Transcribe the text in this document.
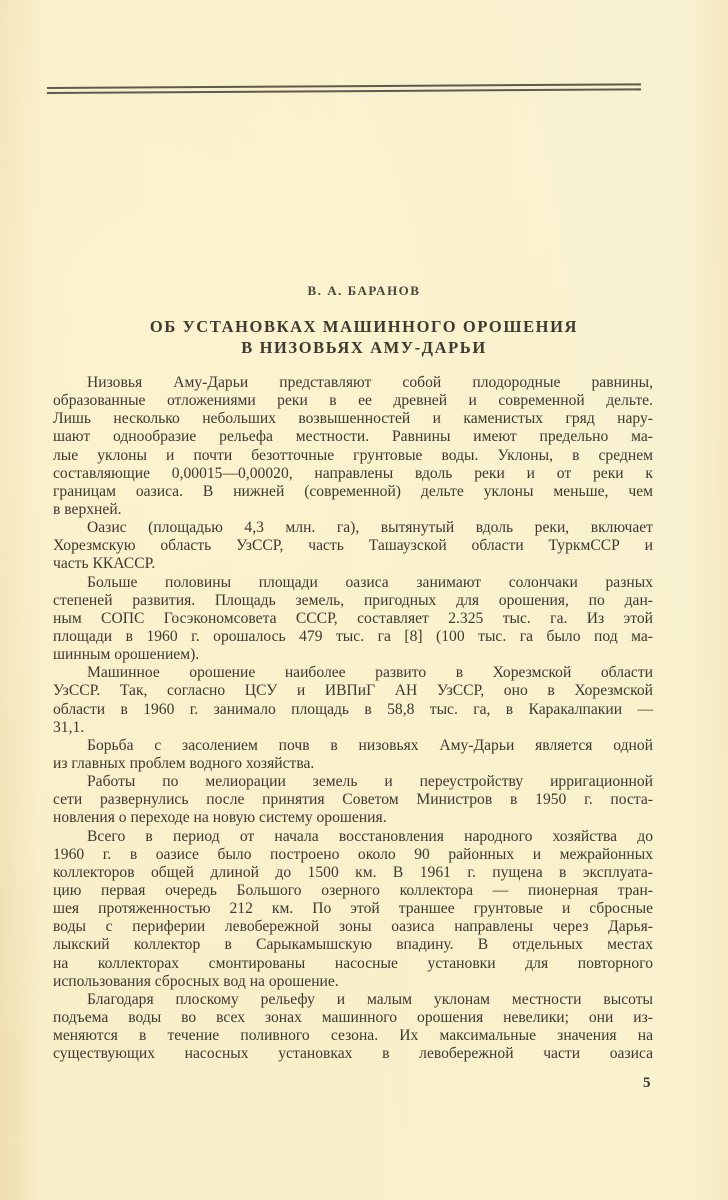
В. А. БАРАНОВ
ОБ УСТАНОВКАХ МАШИННОГО ОРОШЕНИЯ
В НИЗОВЬЯХ АМУ-ДАРЬИ
Низовья Аму-Дарьи представляют собой плодородные равнины,
образованные отложениями реки в ее древней и современной дельте.
Лишь несколько небольших возвышенностей и каменистых гряд нару-
шают однообразие рельефа местности. Равнины имеют предельно ма-
лые уклоны и почти безотточные грунтовые воды. Уклоны, в среднем
составляющие 0,00015—0,00020, направлены вдоль реки и от реки к
границам оазиса. В нижней (современной) дельте уклоны меньше, чем
в верхней.
Оазис (площадью 4,3 млн. га), вытянутый вдоль реки, включает
Хорезмскую область УзССР, часть Ташаузской области ТуркмССР и
часть ККАССР.
Больше половины площади оазиса занимают солончаки разных
степеней развития. Площадь земель, пригодных для орошения, по дан-
ным СОПС Госэкономсовета СССР, составляет 2.325 тыс. га. Из этой
площади в 1960 г. орошалось 479 тыс. га [8] (100 тыс. га было под ма-
шинным орошением).
Машинное орошение наиболее развито в Хорезмской области
УзССР. Так, согласно ЦСУ и ИВПиГ АН УзССР, оно в Хорезмской
области в 1960 г. занимало площадь в 58,8 тыс. га, в Каракалпакии —
31,1.
Борьба с засолением почв в низовьях Аму-Дарьи является одной
из главных проблем водного хозяйства.
Работы по мелиорации земель и переустройству ирригационной
сети развернулись после принятия Советом Министров в 1950 г. поста-
новления о переходе на новую систему орошения.
Всего в период от начала восстановления народного хозяйства до
1960 г. в оазисе было построено около 90 районных и межрайонных
коллекторов общей длиной до 1500 км. В 1961 г. пущена в эксплуата-
цию первая очередь Большого озерного коллектора — пионерная тран-
шея протяженностью 212 км. По этой траншее грунтовые и сбросные
воды с периферии левобережной зоны оазиса направлены через Дарья-
лыкский коллектор в Сарыкамышскую впадину. В отдельных местах
на коллекторах смонтированы насосные установки для повторного
использования сбросных вод на орошение.
Благодаря плоскому рельефу и малым уклонам местности высоты
подъема воды во всех зонах машинного орошения невелики; они из-
меняются в течение поливного сезона. Их максимальные значения на
существующих насосных установках в левобережной части оазиса
5
